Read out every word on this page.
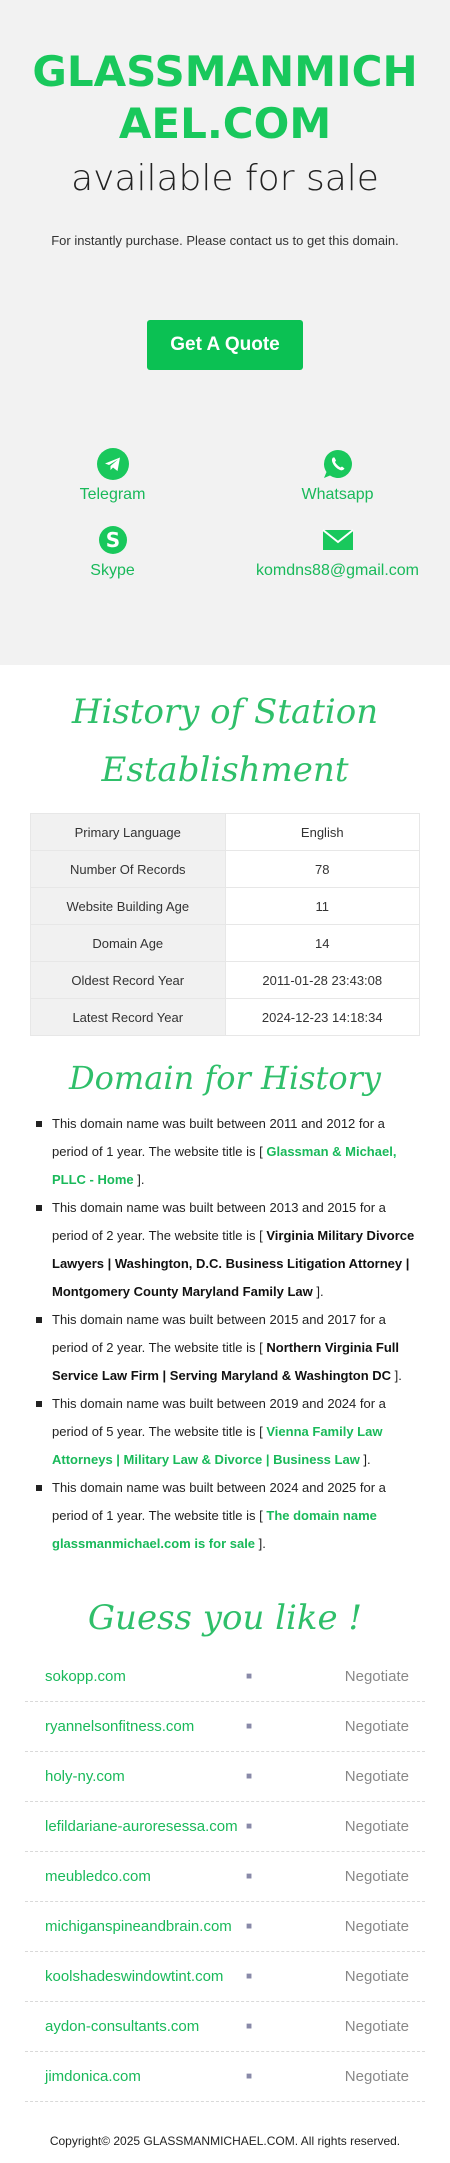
GLASSMANMICHAEL.COM
available for sale
For instantly purchase. Please contact us to get this domain.
Get A Quote
Telegram	Whatsapp
S
Skype	komdns88@gmail.com
History of Station Establishment
Primary Language	English
Number Of Records	78
Website Building Age	11
Domain Age	14
Oldest Record Year	2011-01-28 23:43:08
Latest Record Year	2024-12-23 14:18:34
Domain for History
This domain name was built between 2011 and 2012 for a period of 1 year. The website title is [ Glassman & Michael, PLLC - Home ].
This domain name was built between 2013 and 2015 for a period of 2 year. The website title is [ Virginia Military Divorce Lawyers | Washington, D.C. Business Litigation Attorney | Montgomery County Maryland Family Law ].
This domain name was built between 2015 and 2017 for a period of 2 year. The website title is [ Northern Virginia Full Service Law Firm | Serving Maryland & Washington DC ].
This domain name was built between 2019 and 2024 for a period of 5 year. The website title is [ Vienna Family Law Attorneys | Military Law & Divorce | Business Law ].
This domain name was built between 2024 and 2025 for a period of 1 year. The website title is [ The domain name glassmanmichael.com is for sale ].
Guess you like !
sokopp.com	■	Negotiate
ryannelsonfitness.com	■	Negotiate
holy-ny.com	■	Negotiate
lefildariane-auroresessa.com ■	Negotiate
meubledco.com	■	Negotiate
michiganspineandbrain.com	■	Negotiate
koolshadeswindowtint.com	■	Negotiate
aydon-consultants.com	■	Negotiate
jimdonica.com	■	Negotiate
Copyright© 2025 GLASSMANMICHAEL.COM. All rights reserved.
